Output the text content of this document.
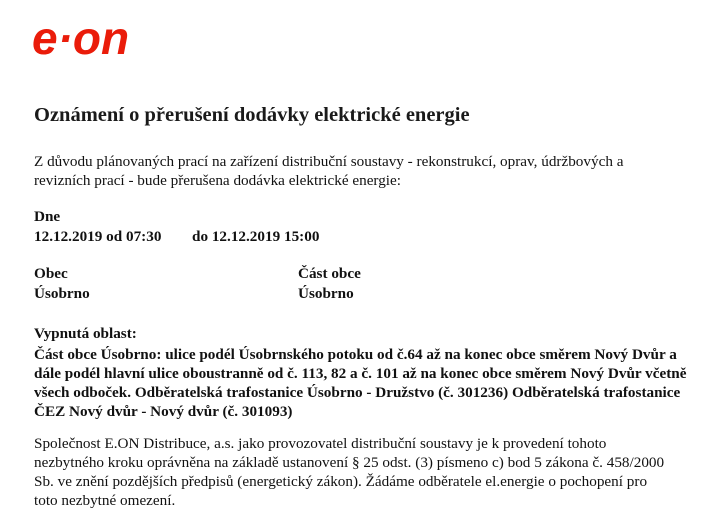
e·on
Oznámení o přerušení dodávky elektrické energie

Z důvodu plánovaných prací na zařízení distribuční soustavy - rekonstrukcí, oprav, údržbových a revizních prací - bude přerušena dodávka elektrické energie:

Dne
12.12.2019 od 07:30 do 12.12.2019 15:00
Obec
Úsobrno
Část obce
Úsobrno
Vypnutá oblast:

Část obce Úsobrno: ulice podél Úsobrnského potoku od č.64 až na konec obce směrem Nový Dvůr a dále podél hlavní ulice oboustranně od č. 113, 82 a č. 101 až na konec obce směrem Nový Dvůr včetně všech odboček. Odběratelská trafostanice Úsobrno - Družstvo (č. 301236) Odběratelská trafostanice ČEZ Nový dvůr - Nový dvůr (č. 301093)

Společnost E.ON Distribuce, a.s. jako provozovatel distribuční soustavy je k provedení tohoto nezbytného kroku oprávněna na základě ustanovení § 25 odst. (3) písmeno c) bod 5 zákona č. 458/2000 Sb. ve znění pozdějších předpisů (energetický zákon). Žádáme odběratele el.energie o pochopení pro toto nezbytné omezení.
